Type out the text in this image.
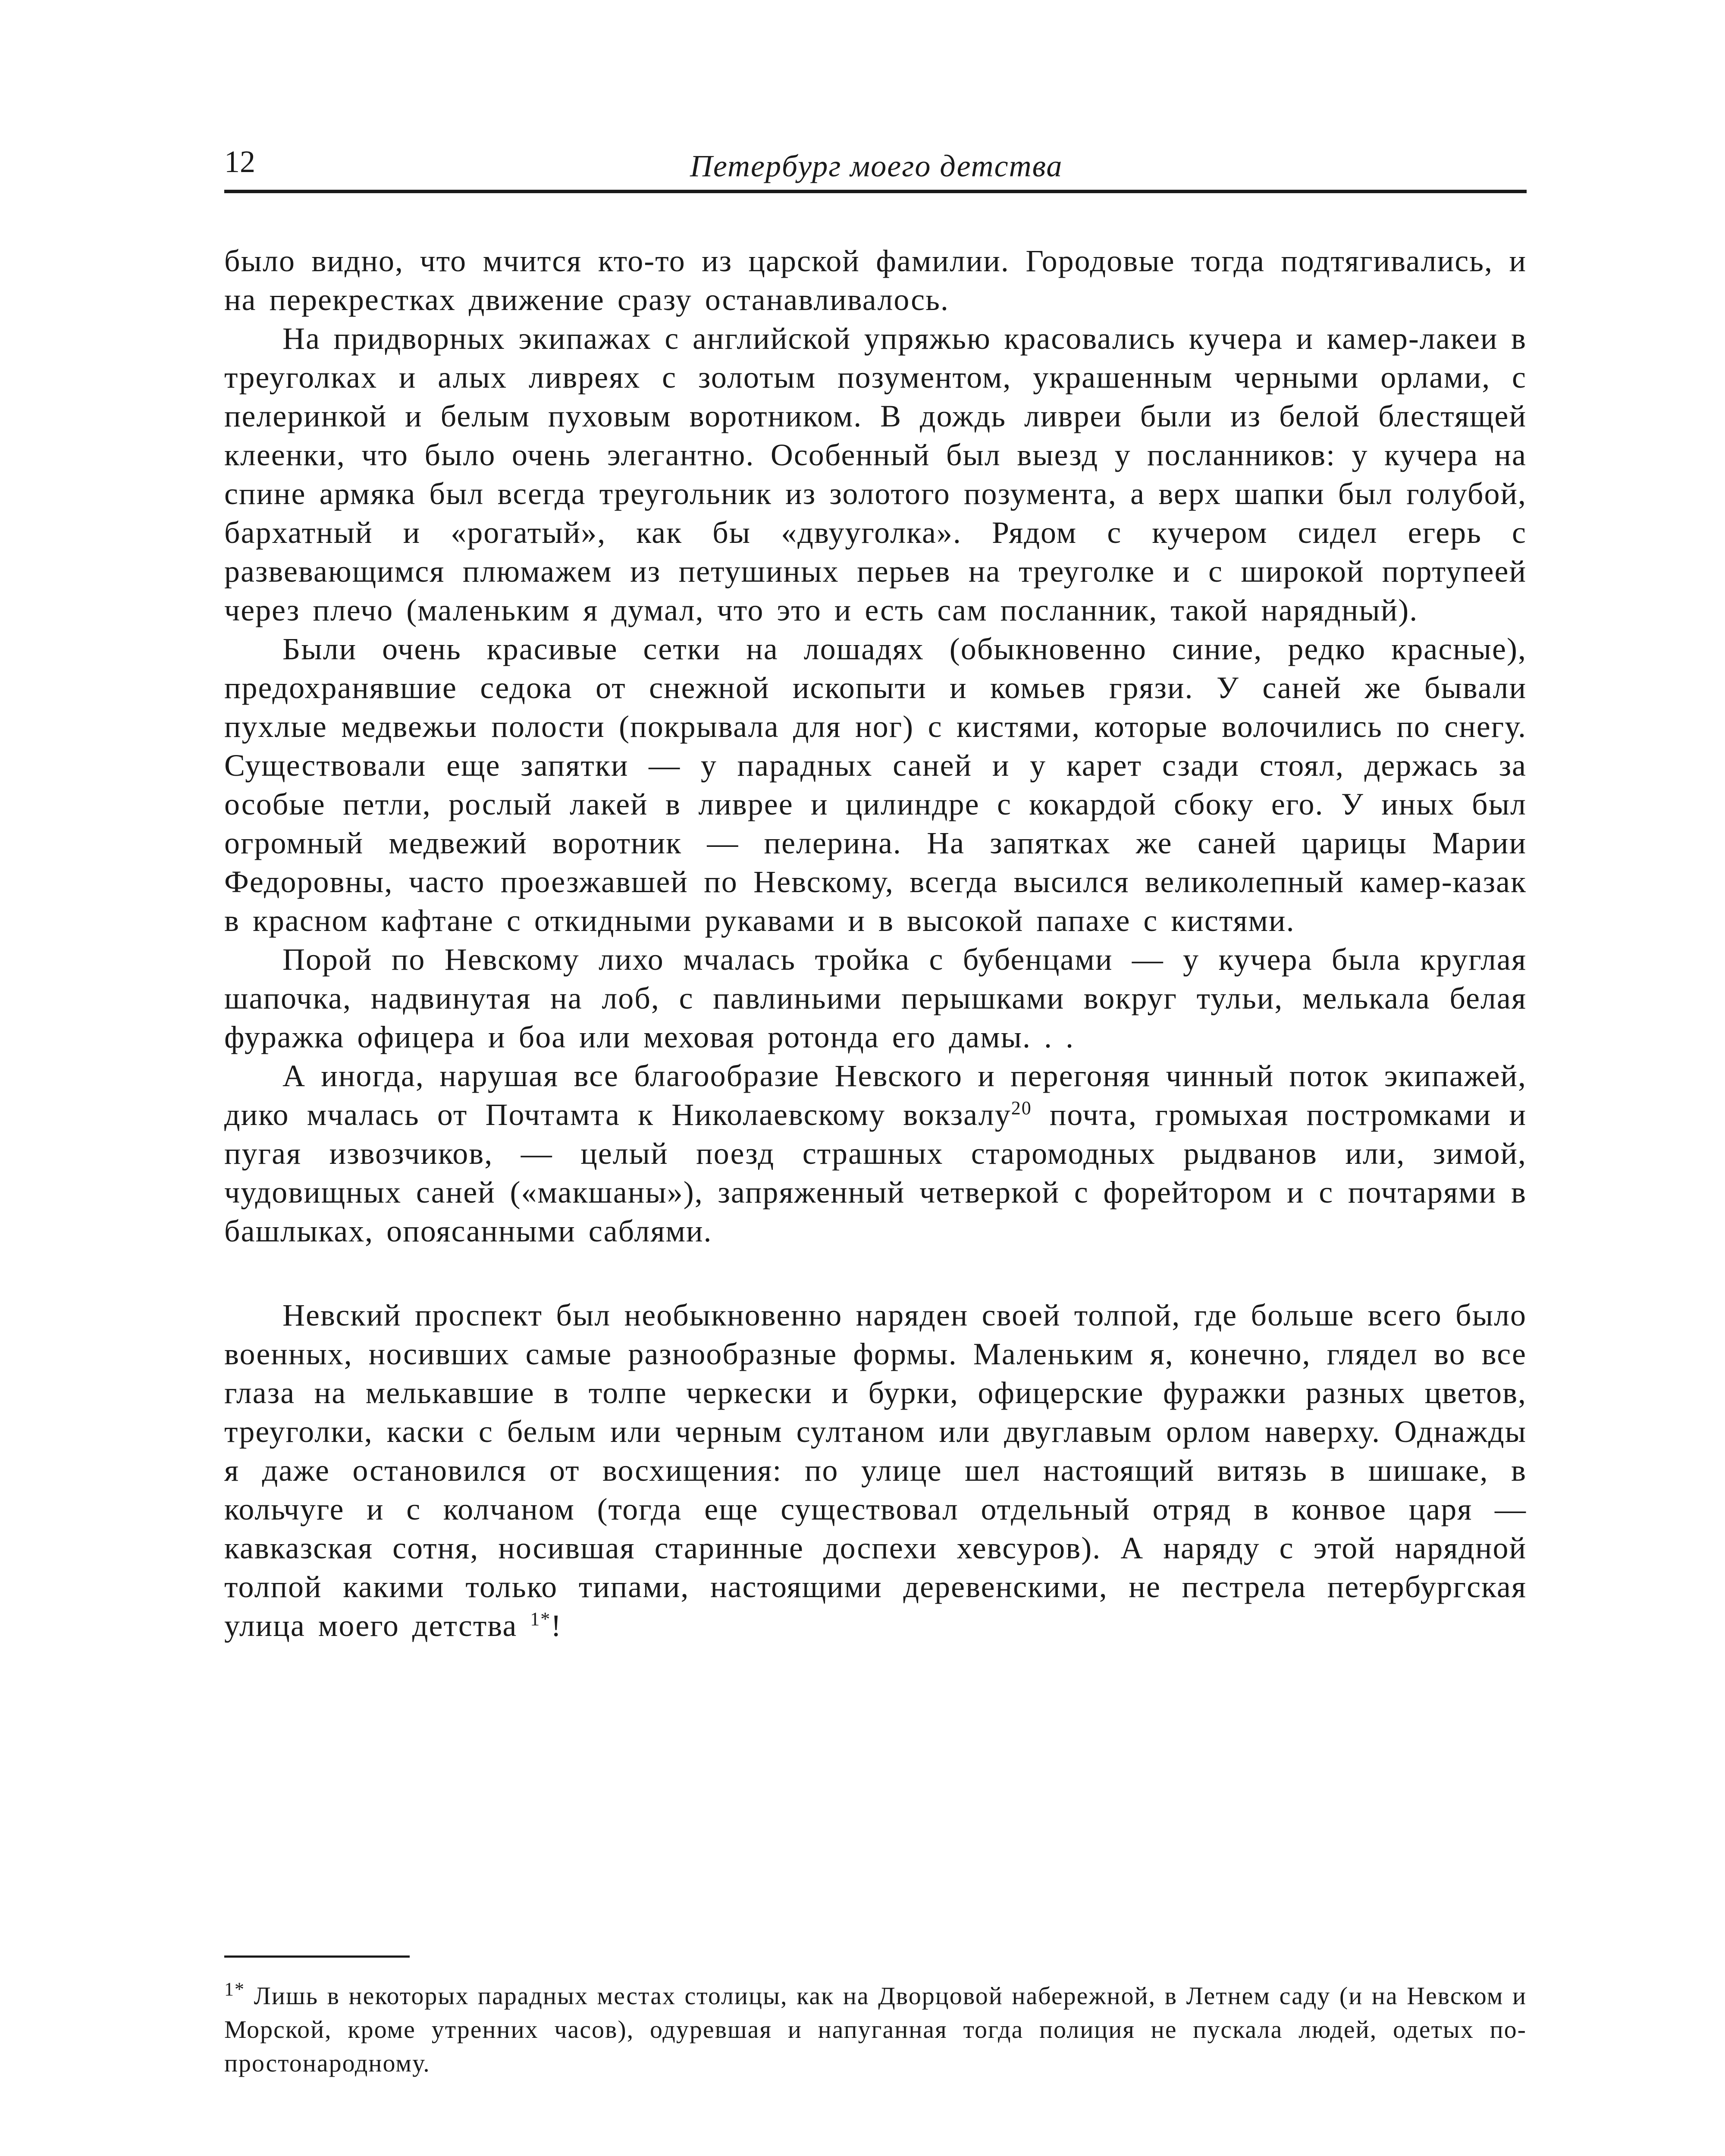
12	Петербург моего детства

было видно, что мчится кто-то из царской фамилии. Городовые тогда подтягивались, и на перекрестках движение сразу останавливалось.

На придворных экипажах с английской упряжью красовались кучера и камер-лакеи в треуголках и алых ливреях с золотым позументом, украшенным черными орлами, с пелеринкой и белым пуховым воротником. В дождь ливреи были из белой блестящей клеенки, что было очень элегантно. Особенный был выезд у посланников: у кучера на спине армяка был всегда треугольник из золотого позумента, а верх шапки был голубой, бархатный и «рогатый», как бы «двууголка». Рядом с кучером сидел егерь с развевающимся плюмажем из петушиных перьев на треуголке и с широкой портупеей через плечо (маленьким я думал, что это и есть сам посланник, такой нарядный).

Были очень красивые сетки на лошадях (обыкновенно синие, редко красные), предохранявшие седока от снежной ископыти и комьев грязи. У саней же бывали пухлые медвежьи полости (покрывала для ног) с кистями, которые волочились по снегу. Существовали еще запятки — у парадных саней и у карет сзади стоял, держась за особые петли, рослый лакей в ливрее и цилиндре с кокардой сбоку его. У иных был огромный медвежий воротник — пелерина. На запятках же саней царицы Марии Федоровны, часто проезжавшей по Невскому, всегда высился великолепный камер-казак в красном кафтане с откидными рукавами и в высокой папахе с кистями.

Порой по Невскому лихо мчалась тройка с бубенцами — у кучера была круглая шапочка, надвинутая на лоб, с павлиньими перышками вокруг тульи, мелькала белая фуражка офицера и боа или меховая ротонда его дамы. . .

А иногда, нарушая все благообразие Невского и перегоняя чинный поток экипажей, дико мчалась от Почтамта к Николаевскому вокзалу$^{20}$ почта, громыхая постромками и пугая извозчиков, — целый поезд страшных старомодных рыдванов или, зимой, чудовищных саней («макшаны»), запряженный четверкой с форейтором и с почтарями в башлыках, опоясанными саблями.

Невский проспект был необыкновенно наряден своей толпой, где больше всего было военных, носивших самые разнообразные формы. Маленьким я, конечно, глядел во все глаза на мелькавшие в толпе черкески и бурки, офицерские фуражки разных цветов, треуголки, каски с белым или черным султаном или двуглавым орлом наверху. Однажды я даже остановился от восхищения: по улице шел настоящий витязь в шишаке, в кольчуге и с колчаном (тогда еще существовал отдельный отряд в конвое царя — кавказская сотня, носившая старинные доспехи хевсуров). А наряду с этой нарядной толпой какими только типами, настоящими деревенскими, не пестрела петербургская улица моего детства $^{1*}$!

$^{1*}$ Лишь в некоторых парадных местах столицы, как на Дворцовой набережной, в Летнем саду (и на Невском и Морской, кроме утренних часов), одуревшая и напуганная тогда полиция не пускала людей, одетых по-простонародному.
